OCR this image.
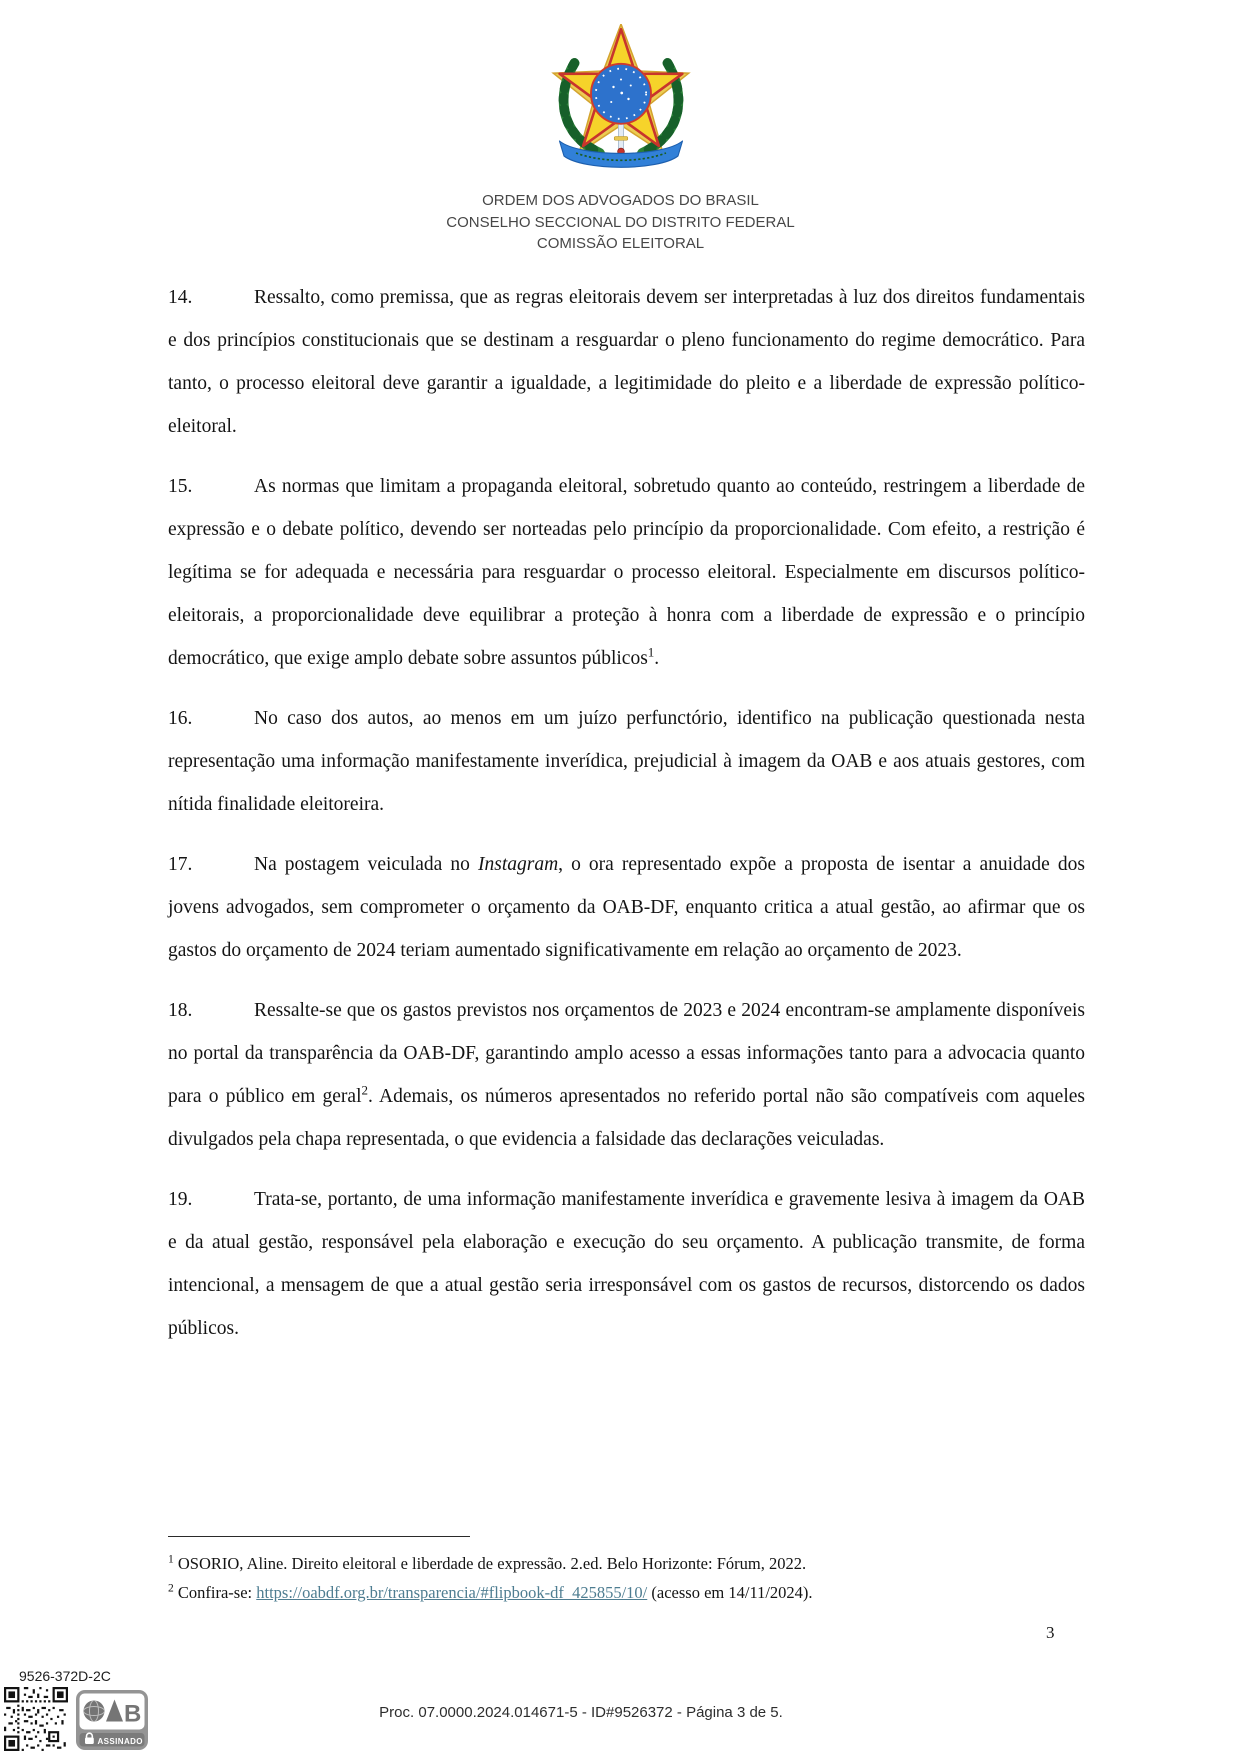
ORDEM DOS ADVOGADOS DO BRASIL
CONSELHO SECCIONAL DO DISTRITO FEDERAL
COMISSÃO ELEITORAL

14.	Ressalto, como premissa, que as regras eleitorais devem ser interpretadas à luz dos direitos fundamentais e dos princípios constitucionais que se destinam a resguardar o pleno funcionamento do regime democrático. Para tanto, o processo eleitoral deve garantir a igualdade, a legitimidade do pleito e a liberdade de expressão político-eleitoral.

15.	As normas que limitam a propaganda eleitoral, sobretudo quanto ao conteúdo, restringem a liberdade de expressão e o debate político, devendo ser norteadas pelo princípio da proporcionalidade. Com efeito, a restrição é legítima se for adequada e necessária para resguardar o processo eleitoral. Especialmente em discursos político-eleitorais, a proporcionalidade deve equilibrar a proteção à honra com a liberdade de expressão e o princípio democrático, que exige amplo debate sobre assuntos públicos$^1$.

16.	No caso dos autos, ao menos em um juízo perfunctório, identifico na publicação questionada nesta representação uma informação manifestamente inverídica, prejudicial à imagem da OAB e aos atuais gestores, com nítida finalidade eleitoreira.

17.	Na postagem veiculada no Instagram, o ora representado expõe a proposta de isentar a anuidade dos jovens advogados, sem comprometer o orçamento da OAB-DF, enquanto critica a atual gestão, ao afirmar que os gastos do orçamento de 2024 teriam aumentado significativamente em relação ao orçamento de 2023.

18.	Ressalte-se que os gastos previstos nos orçamentos de 2023 e 2024 encontram-se amplamente disponíveis no portal da transparência da OAB-DF, garantindo amplo acesso a essas informações tanto para a advocacia quanto para o público em geral$^2$. Ademais, os números apresentados no referido portal não são compatíveis com aqueles divulgados pela chapa representada, o que evidencia a falsidade das declarações veiculadas.

19.	Trata-se, portanto, de uma informação manifestamente inverídica e gravemente lesiva à imagem da OAB e da atual gestão, responsável pela elaboração e execução do seu orçamento. A publicação transmite, de forma intencional, a mensagem de que a atual gestão seria irresponsável com os gastos de recursos, distorcendo os dados públicos.

$^1$ OSORIO, Aline. Direito eleitoral e liberdade de expressão. 2.ed. Belo Horizonte: Fórum, 2022.
$^2$ Confira-se: https://oabdf.org.br/transparencia/#flipbook-df_425855/10/ (acesso em 14/11/2024).
3
9526-372D-2C
B
ASSINADO
Proc. 07.0000.2024.014671-5 - ID#9526372 - Página 3 de 5.
